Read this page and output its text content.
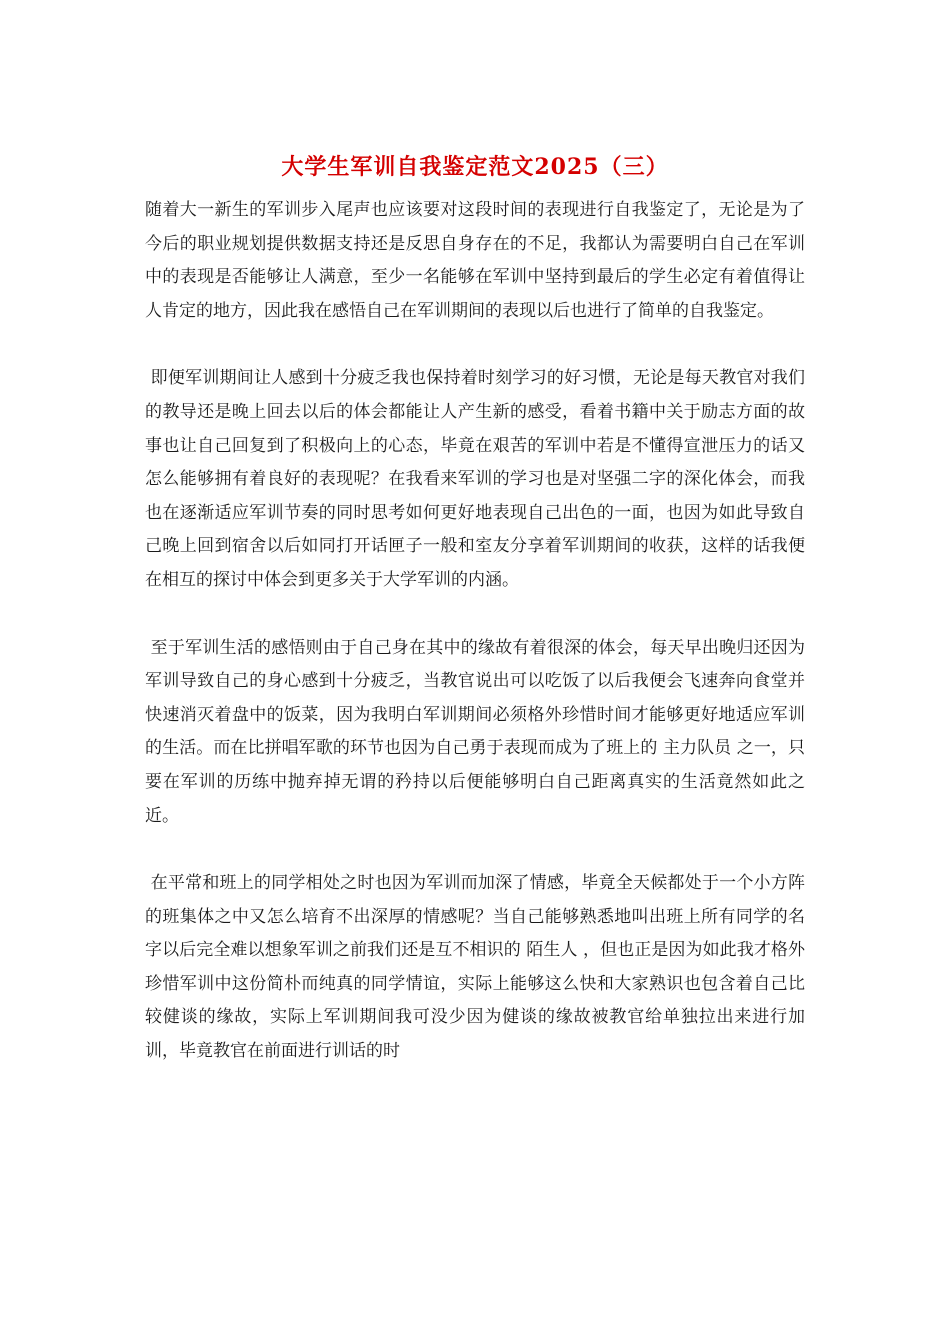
大学生军训自我鉴定范文2025（三）

随着大一新生的军训步入尾声也应该要对这段时间的表现进行自我鉴定了，无论是为了今后的职业规划提供数据支持还是反思自身存在的不足，我都认为需要明白自己在军训中的表现是否能够让人满意，至少一名能够在军训中坚持到最后的学生必定有着值得让人肯定的地方，因此我在感悟自己在军训期间的表现以后也进行了简单的自我鉴定。

即便军训期间让人感到十分疲乏我也保持着时刻学习的好习惯，无论是每天教官对我们的教导还是晚上回去以后的体会都能让人产生新的感受，看着书籍中关于励志方面的故事也让自己回复到了积极向上的心态，毕竟在艰苦的军训中若是不懂得宣泄压力的话又怎么能够拥有着良好的表现呢？在我看来军训的学习也是对坚强二字的深化体会，而我也在逐渐适应军训节奏的同时思考如何更好地表现自己出色的一面，也因为如此导致自己晚上回到宿舍以后如同打开话匣子一般和室友分享着军训期间的收获，这样的话我便在相互的探讨中体会到更多关于大学军训的内涵。

至于军训生活的感悟则由于自己身在其中的缘故有着很深的体会，每天早出晚归还因为军训导致自己的身心感到十分疲乏，当教官说出可以吃饭了以后我便会飞速奔向食堂并快速消灭着盘中的饭菜，因为我明白军训期间必须格外珍惜时间才能够更好地适应军训的生活。而在比拼唱军歌的环节也因为自己勇于表现而成为了班上的 主力队员 之一，只要在军训的历练中抛弃掉无谓的矜持以后便能够明白自己距离真实的生活竟然如此之近。

在平常和班上的同学相处之时也因为军训而加深了情感，毕竟全天候都处于一个小方阵的班集体之中又怎么培育不出深厚的情感呢？当自己能够熟悉地叫出班上所有同学的名字以后完全难以想象军训之前我们还是互不相识的 陌生人 ，但也正是因为如此我才格外珍惜军训中这份简朴而纯真的同学情谊，实际上能够这么快和大家熟识也包含着自己比较健谈的缘故，实际上军训期间我可没少因为健谈的缘故被教官给单独拉出来进行加训，毕竟教官在前面进行训话的时
